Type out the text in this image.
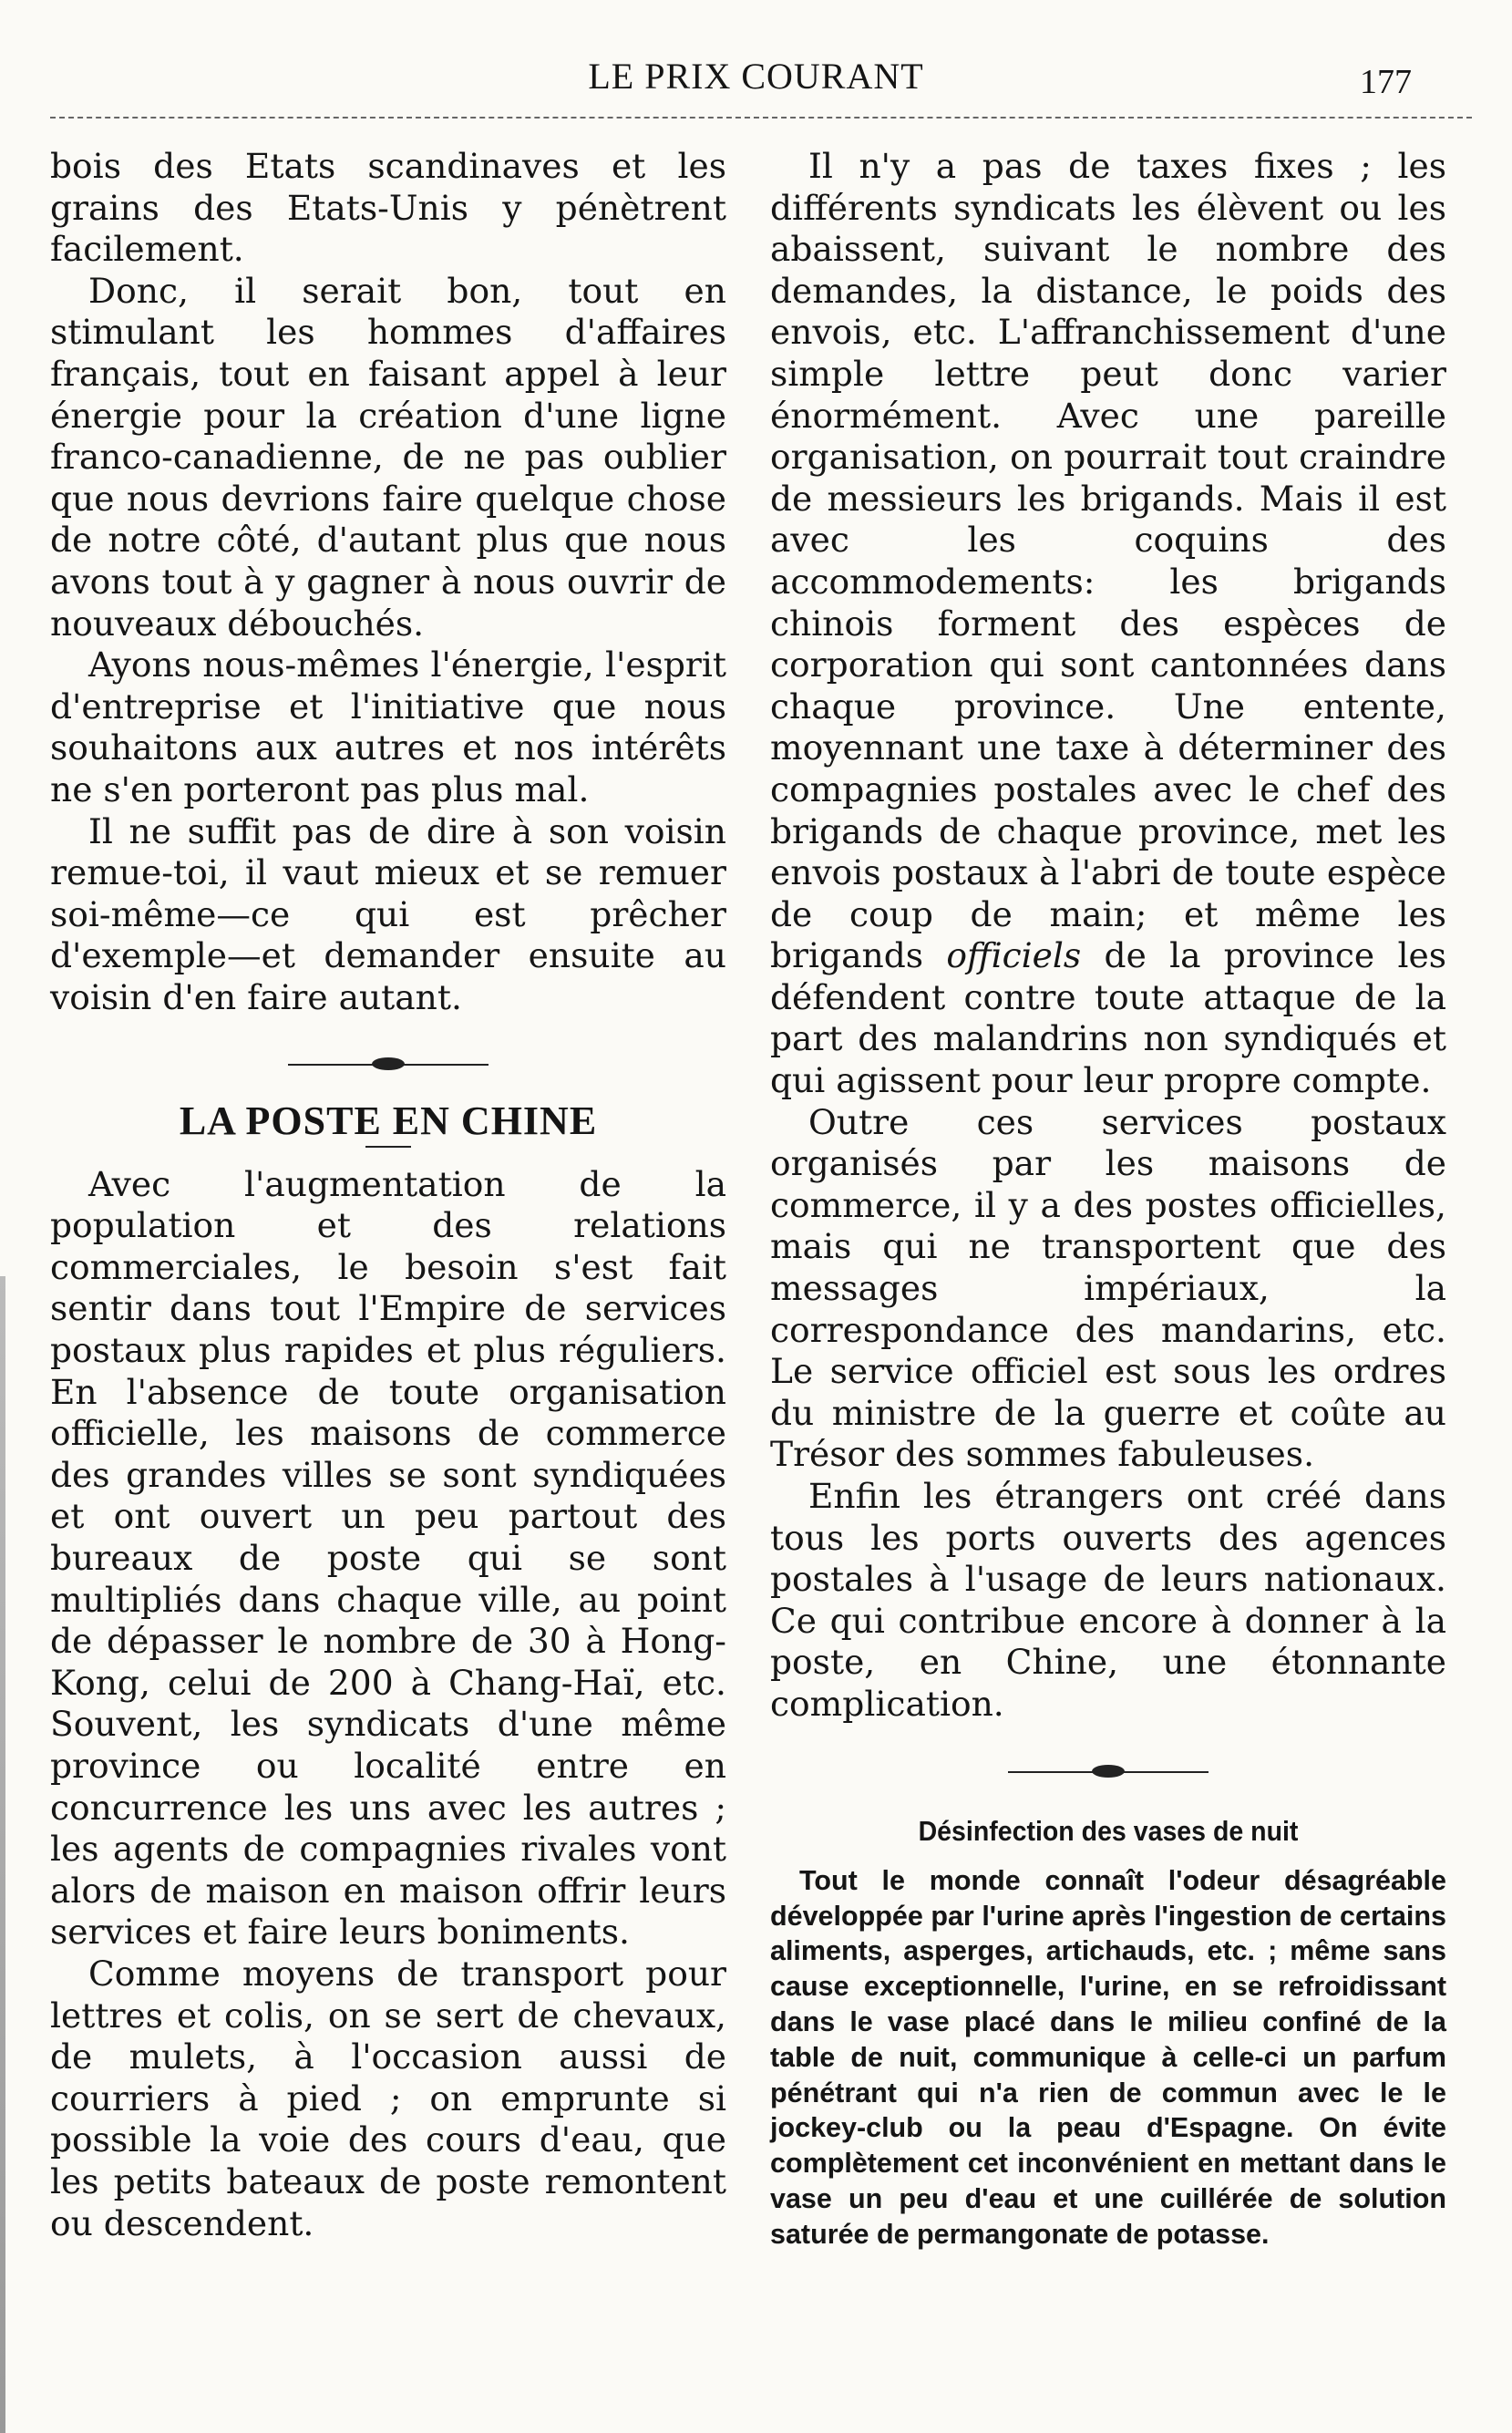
LE PRIX COURANT	177

bois des Etats scandinaves et les grains des Etats-Unis y pénètrent facilement.

Donc, il serait bon, tout en stimulant les hommes d'affaires français, tout en faisant appel à leur énergie pour la création d'une ligne franco-canadienne, de ne pas oublier que nous devrions faire quelque chose de notre côté, d'autant plus que nous avons tout à y gagner à nous ouvrir de nouveaux débouchés.

Ayons nous-mêmes l'énergie, l'esprit d'entreprise et l'initiative que nous souhaitons aux autres et nos intérêts ne s'en porteront pas plus mal.

Il ne suffit pas de dire à son voisin remue-toi, il vaut mieux et se remuer soi-même—ce qui est prêcher d'exemple—et demander ensuite au voisin d'en faire autant.

LA POSTE EN CHINE

Avec l'augmentation de la population et des relations commerciales, le besoin s'est fait sentir dans tout l'Empire de services postaux plus rapides et plus réguliers. En l'absence de toute organisation officielle, les maisons de commerce des grandes villes se sont syndiquées et ont ouvert un peu partout des bureaux de poste qui se sont multipliés dans chaque ville, au point de dépasser le nombre de 30 à Hong-Kong, celui de 200 à Chang-Haï, etc. Souvent, les syndicats d'une même province ou localité entre en concurrence les uns avec les autres ; les agents de compagnies rivales vont alors de maison en maison offrir leurs services et faire leurs boniments.

Comme moyens de transport pour lettres et colis, on se sert de chevaux, de mulets, à l'occasion aussi de courriers à pied ; on emprunte si possible la voie des cours d'eau, que les petits bateaux de poste remontent ou descendent.

Il n'y a pas de taxes fixes ; les différents syndicats les élèvent ou les abaissent, suivant le nombre des demandes, la distance, le poids des envois, etc. L'affranchissement d'une simple lettre peut donc varier énormément. Avec une pareille organisation, on pourrait tout craindre de messieurs les brigands. Mais il est avec les coquins des accommodements: les brigands chinois forment des espèces de corporation qui sont cantonnées dans chaque province. Une entente, moyennant une taxe à déterminer des compagnies postales avec le chef des brigands de chaque province, met les envois postaux à l'abri de toute espèce de coup de main; et même les brigands officiels de la province les défendent contre toute attaque de la part des malandrins non syndiqués et qui agissent pour leur propre compte.

Outre ces services postaux organisés par les maisons de commerce, il y a des postes officielles, mais qui ne transportent que des messages impériaux, la correspondance des mandarins, etc. Le service officiel est sous les ordres du ministre de la guerre et coûte au Trésor des sommes fabuleuses.

Enfin les étrangers ont créé dans tous les ports ouverts des agences postales à l'usage de leurs nationaux. Ce qui contribue encore à donner à la poste, en Chine, une étonnante complication.

Désinfection des vases de nuit

Tout le monde connaît l'odeur désagréable développée par l'urine après l'ingestion de certains aliments, asperges, artichauds, etc. ; même sans cause exceptionnelle, l'urine, en se refroidissant dans le vase placé dans le milieu confiné de la table de nuit, communique à celle-ci un parfum pénétrant qui n'a rien de commun avec le le jockey-club ou la peau d'Espagne. On évite complètement cet inconvénient en mettant dans le vase un peu d'eau et une cuillérée de solution saturée de permangonate de potasse.
